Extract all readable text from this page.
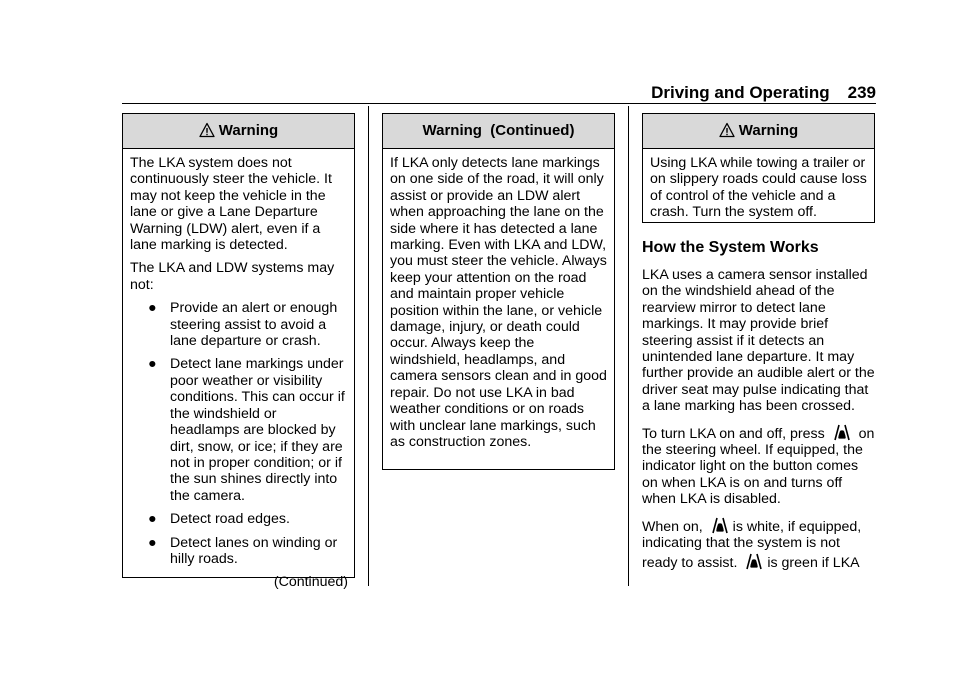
Driving and Operating 239
Warning

The LKA system does not continuously steer the vehicle. It may not keep the vehicle in the lane or give a Lane Departure Warning (LDW) alert, even if a lane marking is detected.

The LKA and LDW systems may not:

● Provide an alert or enough steering assist to avoid a lane departure or crash.
● Detect lane markings under poor weather or visibility conditions. This can occur if the windshield or headlamps are blocked by dirt, snow, or ice; if they are not in proper condition; or if the sun shines directly into the camera.
● Detect road edges.
● Detect lanes on winding or hilly roads.
(Continued)
Warning  (Continued)

If LKA only detects lane markings on one side of the road, it will only assist or provide an LDW alert when approaching the lane on the side where it has detected a lane marking. Even with LKA and LDW, you must steer the vehicle. Always keep your attention on the road and maintain proper vehicle position within the lane, or vehicle damage, injury, or death could occur. Always keep the windshield, headlamps, and camera sensors clean and in good repair. Do not use LKA in bad weather conditions or on roads with unclear lane markings, such as construction zones.

Warning

Using LKA while towing a trailer or on slippery roads could cause loss of control of the vehicle and a crash. Turn the system off.

How the System Works

LKA uses a camera sensor installed on the windshield ahead of the rearview mirror to detect lane markings. It may provide brief steering assist if it detects an unintended lane departure. It may further provide an audible alert or the driver seat may pulse indicating that a lane marking has been crossed.

To turn LKA on and off, press  on the steering wheel. If equipped, the indicator light on the button comes on when LKA is on and turns off when LKA is disabled.

When on, is white, if equipped, indicating that the system is not ready to assist. is green if LKA
